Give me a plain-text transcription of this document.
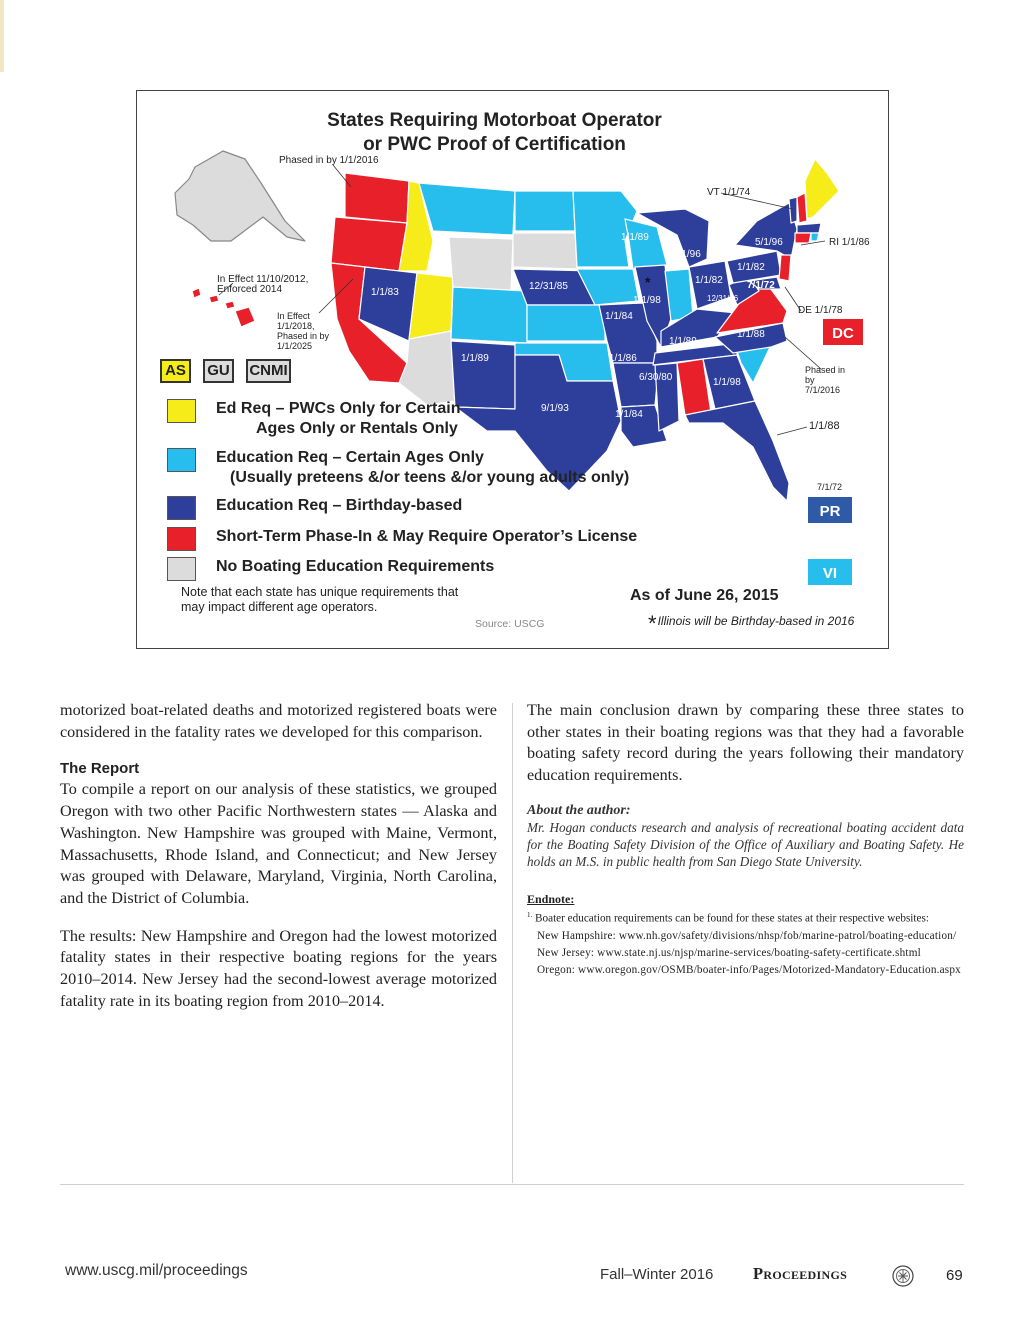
States Requiring Motorboat Operator
or PWC Proof of Certification
Phased in by 1/1/2016
In Effect 11/10/2012,
Enforced 2014
In Effect
1/1/2018,
Phased in by
1/1/2025
VT 1/1/74
RI 1/1/86
DE 1/1/78
Phased in
by
7/1/2016
1/1/88
7/1/72
1/1/83
12/31/85
1/1/89
9/1/93
1/1/89
7/1/96
5/1/96
1/1/82
1/1/82 7/1/72
12/31/86
*
1/1/98
1/1/84
1/1/89
1/1/88
1/1/86
6/30/80	1/1/98
1/1/84
AS	GU CNMI
DC
PR
VI
Ed Req – PWCs Only for Certain
Ages Only or Rentals Only
Education Req – Certain Ages Only
(Usually preteens &/or teens &/or young adults only)
Education Req – Birthday-based
Short-Term Phase-In & May Require Operator’s License
No Boating Education Requirements
Note that each state has unique requirements that
may impact different age operators.
Source: USCG
As of June 26, 2015
*Illinois will be Birthday-based in 2016

motorized boat-related deaths and motorized registered boats were considered in the fatality rates we developed for this comparison.

The Report

To compile a report on our analysis of these statistics, we grouped Oregon with two other Pacific Northwestern states — Alaska and Washington. New Hampshire was grouped with Maine, Vermont, Massachusetts, Rhode Island, and Connecticut; and New Jersey was grouped with Delaware, Maryland, Virginia, North Carolina, and the District of Columbia.

The results: New Hampshire and Oregon had the lowest motorized fatality states in their respective boating regions for the years 2010–2014. New Jersey had the second-lowest average motorized fatality rate in its boating region from 2010–2014.

The main conclusion drawn by comparing these three states to other states in their boating regions was that they had a favorable boating safety record during the years following their mandatory education requirements.

About the author:

Mr. Hogan conducts research and analysis of recreational boating accident data for the Boating Safety Division of the Office of Auxiliary and Boating Safety. He holds an M.S. in public health from San Diego State University.

Endnote:
$^{1.}$ Boater education requirements can be found for these states at their respective websites:
New Hampshire: www.nh.gov/safety/divisions/nhsp/fob/marine-patrol/boating-education/
New Jersey: www.state.nj.us/njsp/marine-services/boating-safety-certificate.shtml
Oregon: www.oregon.gov/OSMB/boater-info/Pages/Motorized-Mandatory-Education.aspx
www.uscg.mil/proceedings	Fall–Winter 2016 Proceedings	69
